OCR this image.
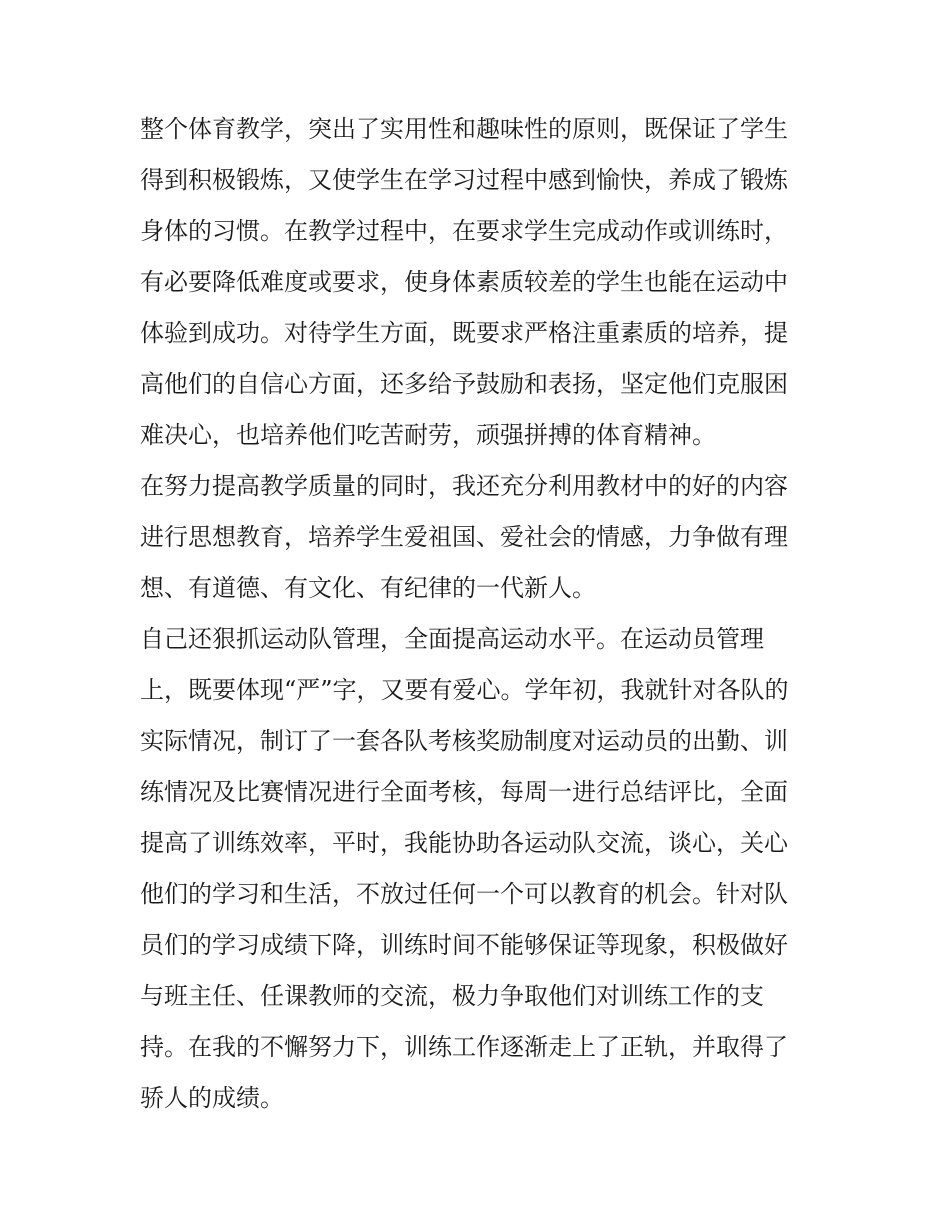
整个体育教学，突出了实用性和趣味性的原则，既保证了学生
得到积极锻炼，又使学生在学习过程中感到愉快，养成了锻炼
身体的习惯。在教学过程中，在要求学生完成动作或训练时，
有必要降低难度或要求，使身体素质较差的学生也能在运动中
体验到成功。对待学生方面，既要求严格注重素质的培养，提
高他们的自信心方面，还多给予鼓励和表扬，坚定他们克服困
难决心，也培养他们吃苦耐劳，顽强拼搏的体育精神。
在努力提高教学质量的同时，我还充分利用教材中的好的内容
进行思想教育，培养学生爱祖国、爱社会的情感，力争做有理
想、有道德、有文化、有纪律的一代新人。
自己还狠抓运动队管理，全面提高运动水平。在运动员管理
上，既要体现“严”字，又要有爱心。学年初，我就针对各队的
实际情况，制订了一套各队考核奖励制度对运动员的出勤、训
练情况及比赛情况进行全面考核，每周一进行总结评比，全面
提高了训练效率，平时，我能协助各运动队交流，谈心，关心
他们的学习和生活，不放过任何一个可以教育的机会。针对队
员们的学习成绩下降，训练时间不能够保证等现象，积极做好
与班主任、任课教师的交流，极力争取他们对训练工作的支
持。在我的不懈努力下，训练工作逐渐走上了正轨，并取得了
骄人的成绩。
